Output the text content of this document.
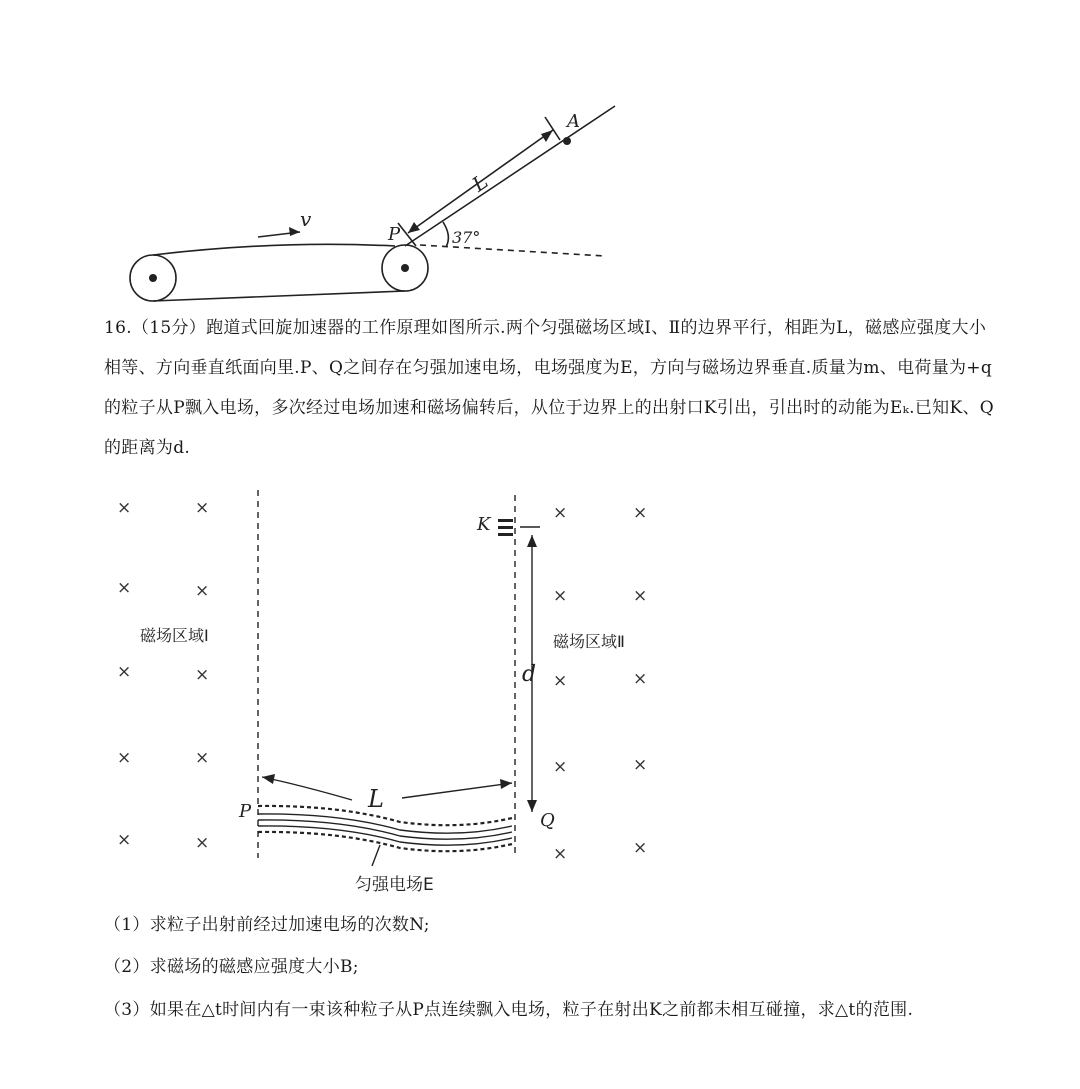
v
L
A
P	37°

16.（15分）跑道式回旋加速器的工作原理如图所示.两个匀强磁场区域Ⅰ、Ⅱ的边界平行，相距为L，磁感应强度大小相等、方向垂直纸面向里.P、Q之间存在匀强加速电场，电场强度为E，方向与磁场边界垂直.质量为m、电荷量为+q的粒子从P飘入电场，多次经过电场加速和磁场偏转后，从位于边界上的出射口K引出，引出时的动能为Eₖ.已知K、Q的距离为d.

×	×
×	×
×	×
×	×
×	×
×	×
×	×
×	×
×	×
×	×
磁场区域Ⅰ	磁场区域Ⅱ
K
d
L
P	Q
匀强电场E

（1）求粒子出射前经过加速电场的次数N;

（2）求磁场的磁感应强度大小B;

（3）如果在△t时间内有一束该种粒子从P点连续飘入电场，粒子在射出K之前都未相互碰撞，求△t的范围.
